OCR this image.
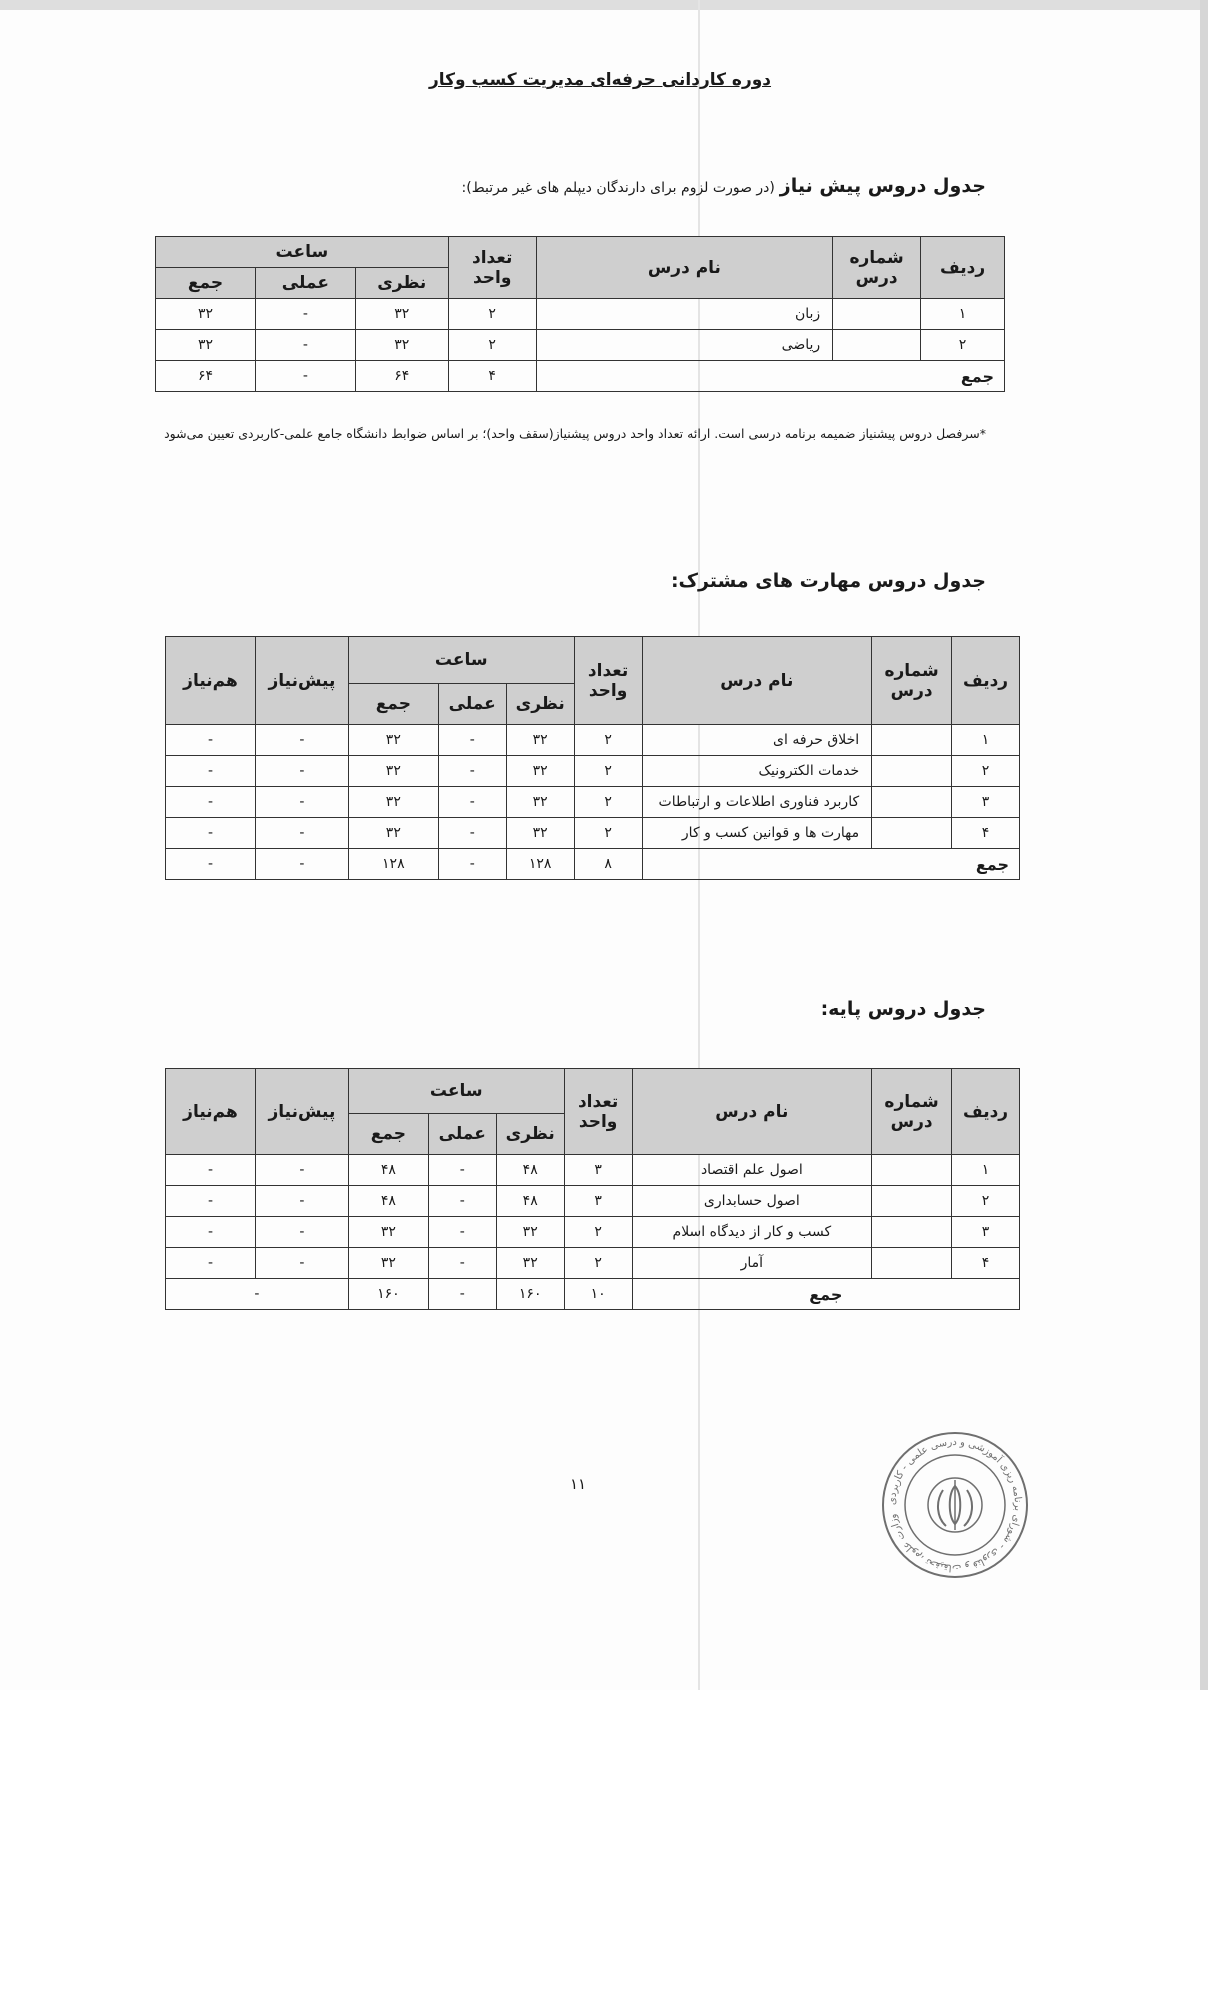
دوره کاردانی حرفه‌ای مدیریت کسب وکار
جدول دروس پیش نیاز (در صورت لزوم برای دارندگان دیپلم های غیر مرتبط):
ردیف	شماره
درس	نام درس	تعداد
واحد	ساعت		
				نظری	عملی	جمع
۱		زبان	۲	۳۲	-	۳۲
۲		ریاضی	۲	۳۲	-	۳۲
جمع			۴	۶۴	-	۶۴
*سرفصل دروس پیشنیاز ضمیمه برنامه درسی است. ارائه تعداد واحد دروس پیشنیاز(سقف واحد)؛ بر اساس ضوابط دانشگاه جامع علمی-کاربردی تعیین می‌شود
جدول دروس مهارت های مشترک:
ردیف	شماره
درس	نام درس	تعداد
واحد	ساعت			پیش‌نیاز	هم‌نیاز
				نظری	عملی	جمع		
۱		اخلاق حرفه ای	۲	۳۲	-	۳۲	-	-
۲		خدمات الکترونیک	۲	۳۲	-	۳۲	-	-
۳		کاربرد فناوری اطلاعات و ارتباطات	۲	۳۲	-	۳۲	-	-
۴		مهارت ها و قوانین کسب و کار	۲	۳۲	-	۳۲	-	-
جمع			۸	۱۲۸	-	۱۲۸	-	-
جدول دروس پایه:
ردیف	شماره
درس	نام درس	تعداد
واحد	ساعت			پیش‌نیاز	هم‌نیاز
				نظری	عملی	جمع		
۱		اصول علم اقتصاد	۳	۴۸	-	۴۸	-	-
۲		اصول حسابداری	۳	۴۸	-	۴۸	-	-
۳		کسب و کار از دیدگاه اسلام	۲	۳۲	-	۳۲	-	-
۴		آمار	۲	۳۲	-	۳۲	-	-
جمع			۱۰	۱۶۰	-	۱۶۰	-	
۱۱
وزارت علوم، تحقیقات و فناوری - شورای برنامه ریزی آموزشی و درسی علمی - کاربردی
